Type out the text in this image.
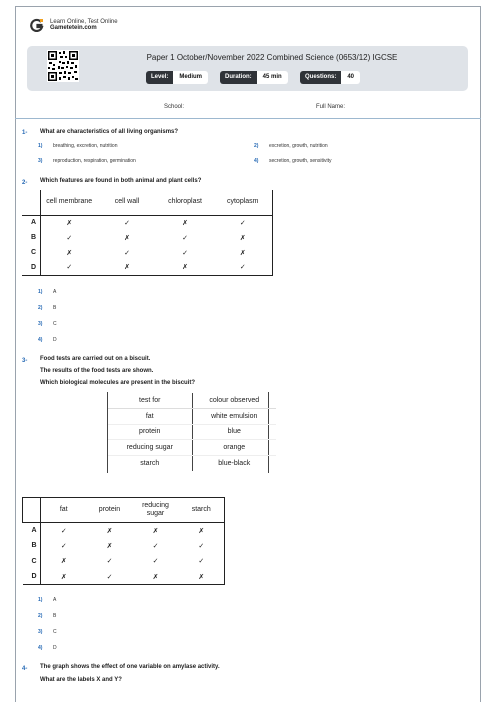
Learn Online, Test Online
Gametetein.com
Paper 1 October/November 2022 Combined Science (0653/12) IGCSE
Level:	Medium	Duration:	45 min	Questions:	40
School:	Full Name:
1- What are characteristics of all living organisms?
1) breathing, excretion, nutrition	2) excretion, growth, nutrition
3) reproduction, respiration, germination	4) secretion, growth, sensitivity
2- Which features are found in both animal and plant cells?
	cell membrane	cell wall	chloroplast	cytoplasm
A	✗	✓	✗	✓
B	✓	✗	✓	✗
C	✗	✓	✓	✗
D	✓	✗	✗	✓
1) A
2) B
3) C
4) D
3- Food tests are carried out on a biscuit.
The results of the food tests are shown.
Which biological molecules are present in the biscuit?
test for	colour observed
fat	white emulsion
protein	blue
reducing sugar	orange
starch	blue-black
	fat	protein	reducing sugar	starch
A	✓	✗	✗	✗
B	✓	✗	✓	✓
C	✗	✓	✓	✓
D	✗	✓	✗	✗
1) A
2) B
3) C
4) D
4- The graph shows the effect of one variable on amylase activity.
What are the labels X and Y?
